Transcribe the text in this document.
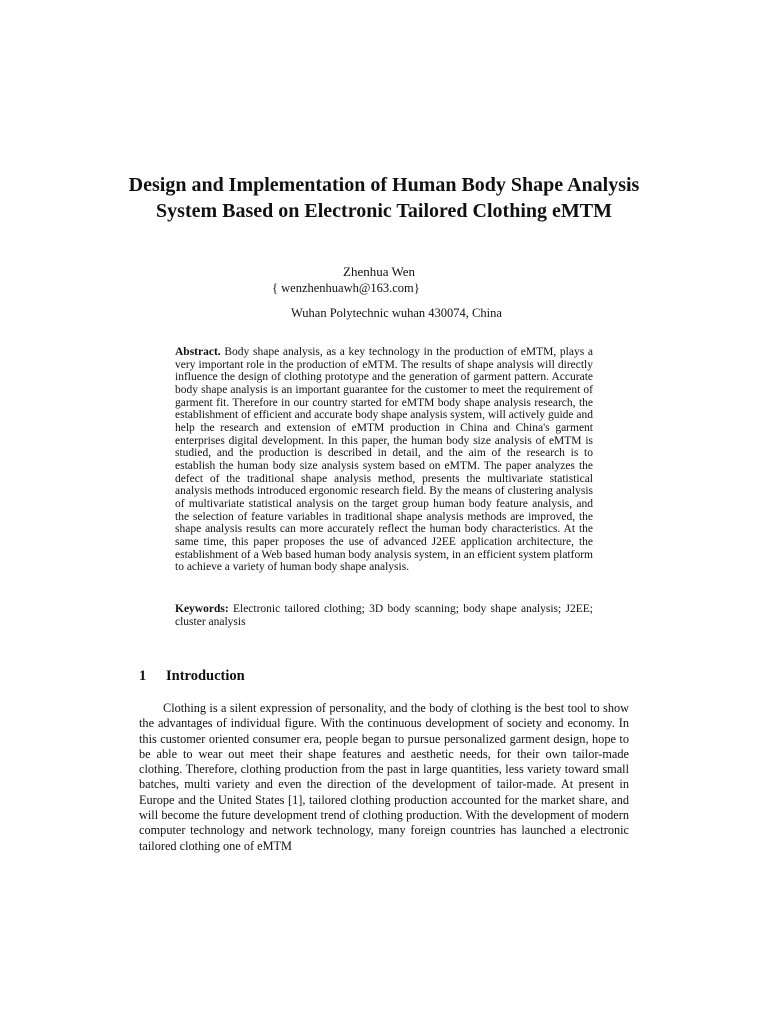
Design and Implementation of Human Body Shape Analysis System Based on Electronic Tailored Clothing eMTM
Zhenhua Wen
{ wenzhenhuawh@163.com}
Wuhan Polytechnic wuhan 430074, China

Abstract. Body shape analysis, as a key technology in the production of eMTM, plays a very important role in the production of eMTM. The results of shape analysis will directly influence the design of clothing prototype and the generation of garment pattern. Accurate body shape analysis is an important guarantee for the customer to meet the requirement of garment fit. Therefore in our country started for eMTM body shape analysis research, the establishment of efficient and accurate body shape analysis system, will actively guide and help the research and extension of eMTM production in China and China's garment enterprises digital development. In this paper, the human body size analysis of eMTM is studied, and the production is described in detail, and the aim of the research is to establish the human body size analysis system based on eMTM. The paper analyzes the defect of the traditional shape analysis method, presents the multivariate statistical analysis methods introduced ergonomic research field. By the means of clustering analysis of multivariate statistical analysis on the target group human body feature analysis, and the selection of feature variables in traditional shape analysis methods are improved, the shape analysis results can more accurately reflect the human body characteristics. At the same time, this paper proposes the use of advanced J2EE application architecture, the establishment of a Web based human body analysis system, in an efficient system platform to achieve a variety of human body shape analysis.

Keywords: Electronic tailored clothing; 3D body scanning; body shape analysis; J2EE; cluster analysis

1 Introduction

Clothing is a silent expression of personality, and the body of clothing is the best tool to show the advantages of individual figure. With the continuous development of society and economy. In this customer oriented consumer era, people began to pursue personalized garment design, hope to be able to wear out meet their shape features and aesthetic needs, for their own tailor-made clothing. Therefore, clothing production from the past in large quantities, less variety toward small batches, multi variety and even the direction of the development of tailor-made. At present in Europe and the United States [1], tailored clothing production accounted for the market share, and will become the future development trend of clothing production. With the development of modern computer technology and network technology, many foreign countries has launched a electronic tailored clothing one of eMTM
